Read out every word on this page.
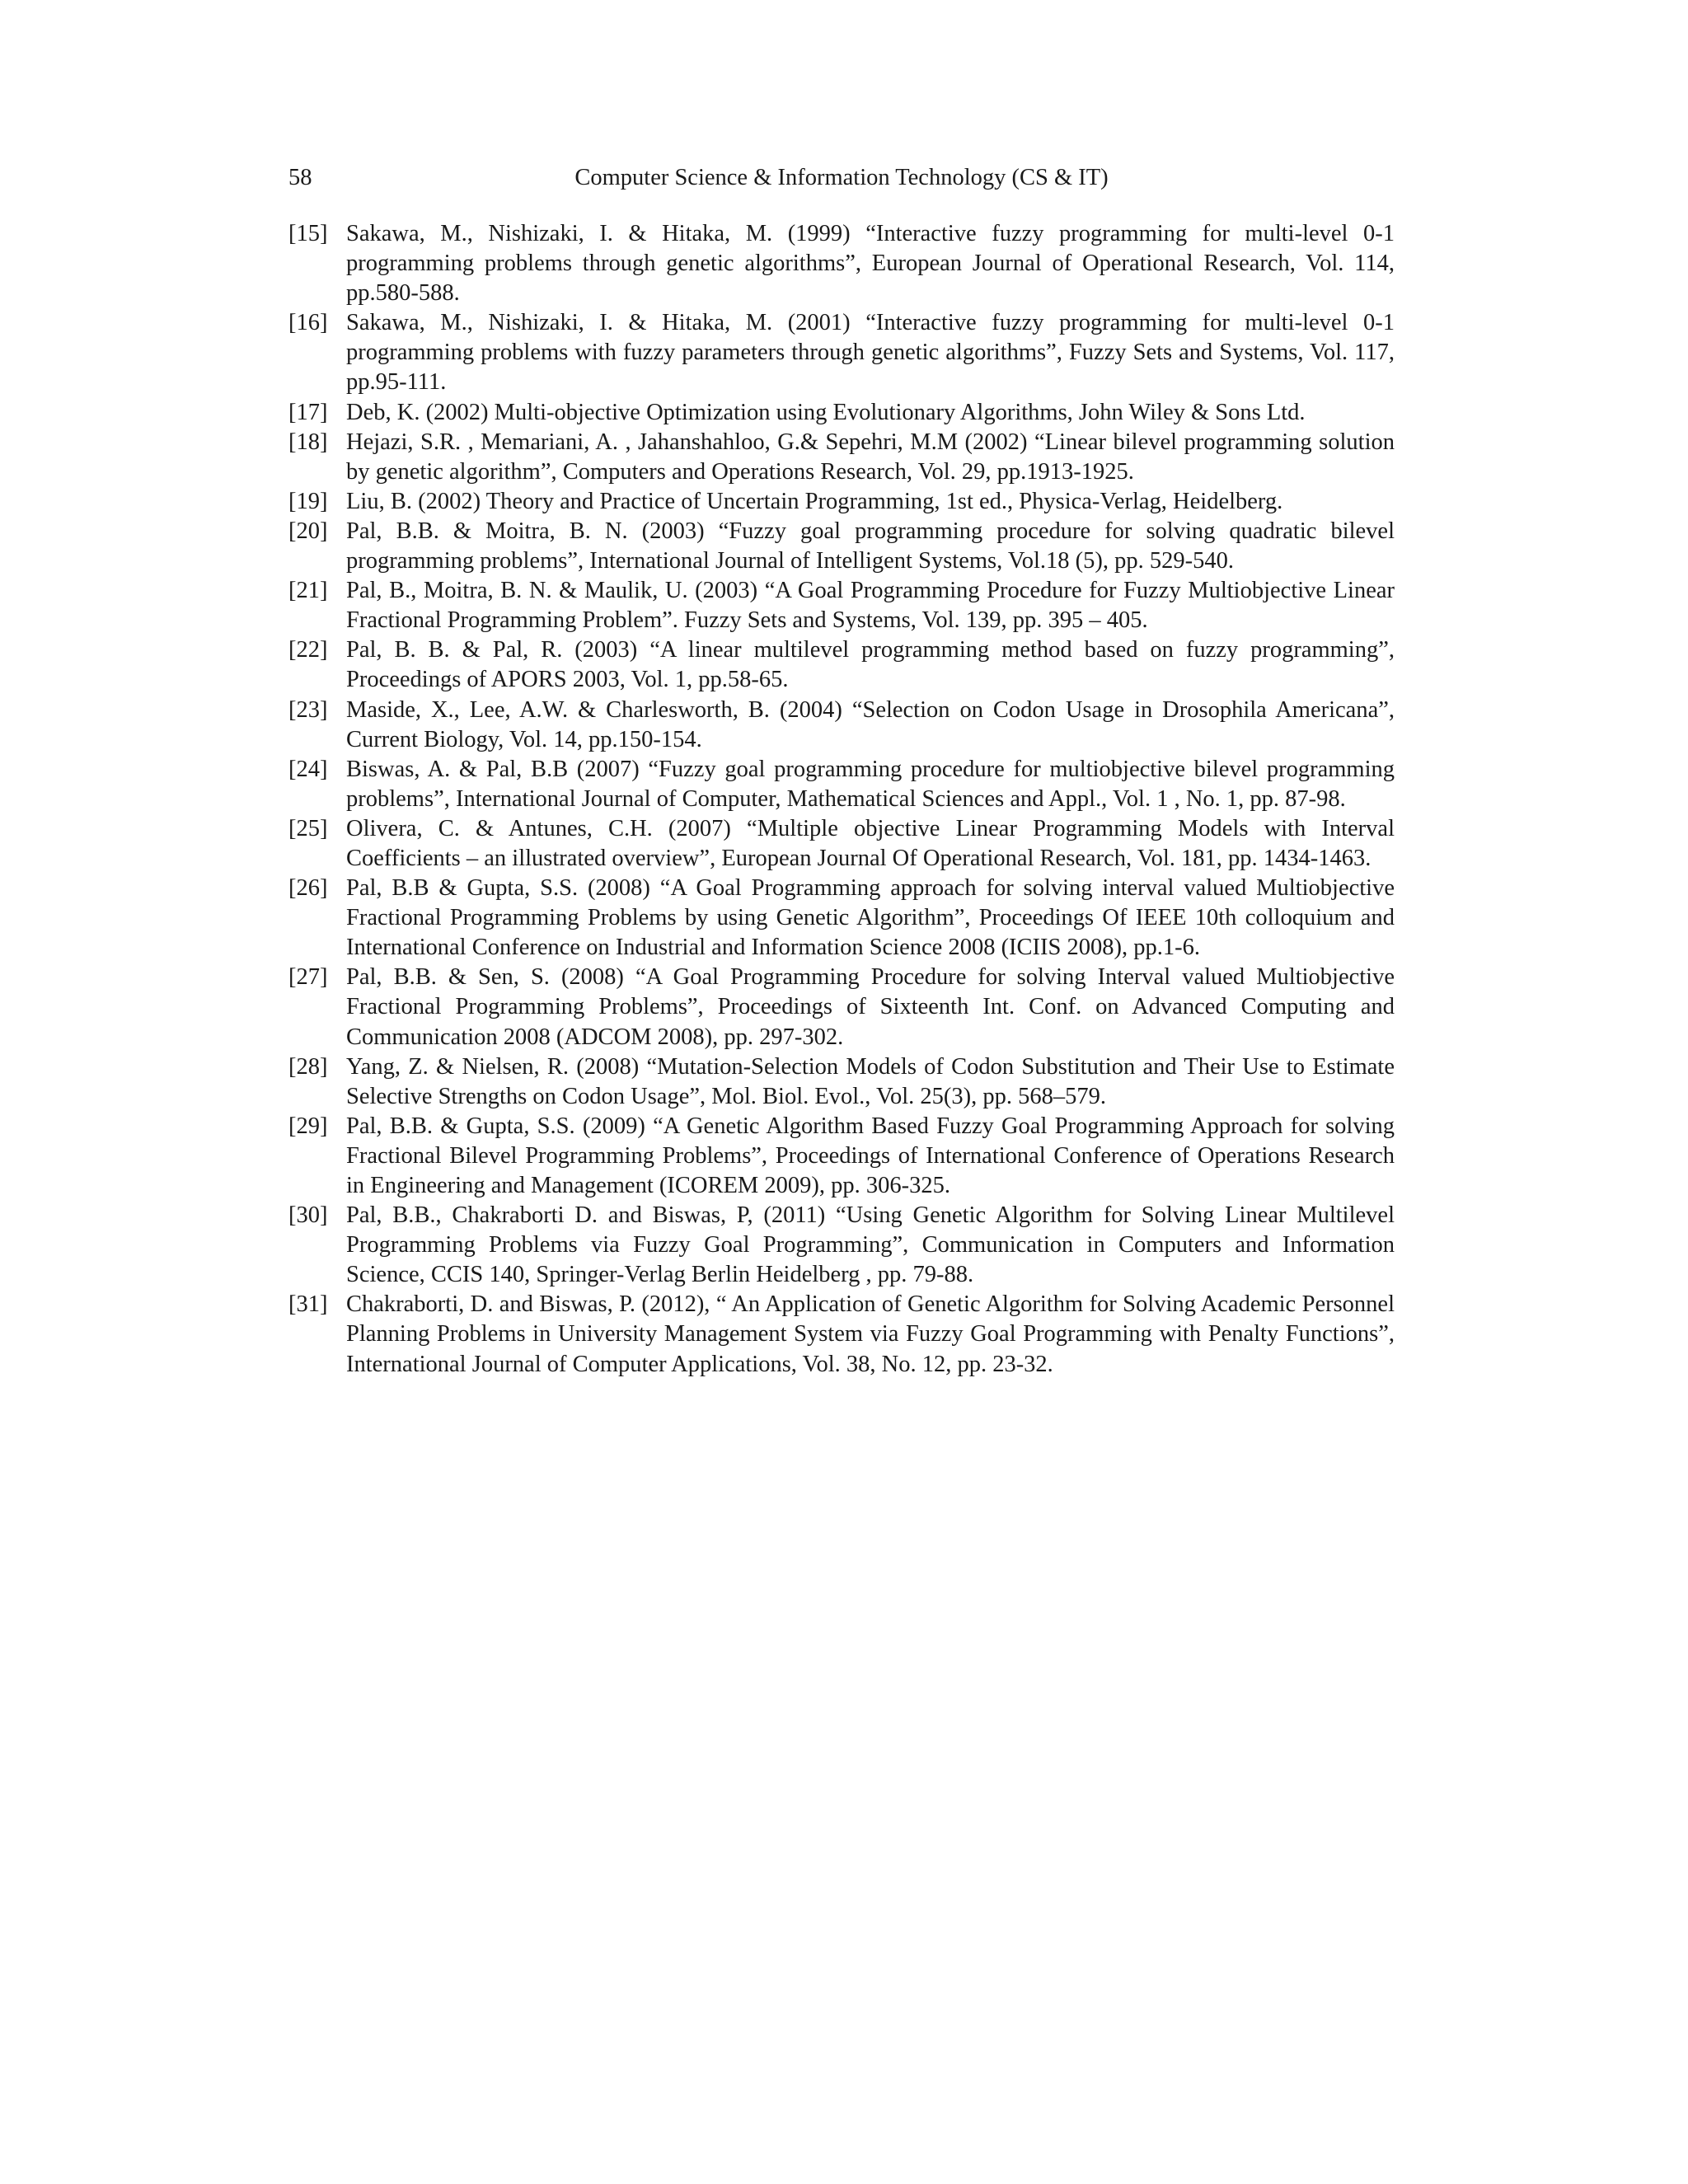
58	Computer Science & Information Technology (CS & IT)
[15] Sakawa, M., Nishizaki, I. & Hitaka, M. (1999) “Interactive fuzzy programming for multi-level 0-1 programming problems through genetic algorithms”, European Journal of Operational Research, Vol. 114, pp.580-588.
[16] Sakawa, M., Nishizaki, I. & Hitaka, M. (2001) “Interactive fuzzy programming for multi-level 0-1 programming problems with fuzzy parameters through genetic algorithms”, Fuzzy Sets and Systems, Vol. 117, pp.95-111.
[17] Deb, K. (2002) Multi-objective Optimization using Evolutionary Algorithms, John Wiley & Sons Ltd.
[18] Hejazi, S.R. , Memariani, A. , Jahanshahloo, G.& Sepehri, M.M (2002) “Linear bilevel programming solution by genetic algorithm”, Computers and Operations Research, Vol. 29, pp.1913-1925.
[19] Liu, B. (2002) Theory and Practice of Uncertain Programming, 1st ed., Physica-Verlag, Heidelberg.
[20] Pal, B.B. & Moitra, B. N. (2003) “Fuzzy goal programming procedure for solving quadratic bilevel programming problems”, International Journal of Intelligent Systems, Vol.18 (5), pp. 529-540.
[21] Pal, B., Moitra, B. N. & Maulik, U. (2003) “A Goal Programming Procedure for Fuzzy Multiobjective Linear Fractional Programming Problem”. Fuzzy Sets and Systems, Vol. 139, pp. 395 – 405.
[22] Pal, B. B. & Pal, R. (2003) “A linear multilevel programming method based on fuzzy programming”, Proceedings of APORS 2003, Vol. 1, pp.58-65.
[23] Maside, X., Lee, A.W. & Charlesworth, B. (2004) “Selection on Codon Usage in Drosophila Americana”, Current Biology, Vol. 14, pp.150-154.
[24] Biswas, A. & Pal, B.B (2007) “Fuzzy goal programming procedure for multiobjective bilevel programming problems”, International Journal of Computer, Mathematical Sciences and Appl., Vol. 1 , No. 1, pp. 87-98.
[25] Olivera, C. & Antunes, C.H. (2007) “Multiple objective Linear Programming Models with Interval Coefficients – an illustrated overview”, European Journal Of Operational Research, Vol. 181, pp. 1434-1463.
[26] Pal, B.B & Gupta, S.S. (2008) “A Goal Programming approach for solving interval valued Multiobjective Fractional Programming Problems by using Genetic Algorithm”, Proceedings Of IEEE 10th colloquium and International Conference on Industrial and Information Science 2008 (ICIIS 2008), pp.1-6.
[27] Pal, B.B. & Sen, S. (2008) “A Goal Programming Procedure for solving Interval valued Multiobjective Fractional Programming Problems”, Proceedings of Sixteenth Int. Conf. on Advanced Computing and Communication 2008 (ADCOM 2008), pp. 297-302.
[28] Yang, Z. & Nielsen, R. (2008) “Mutation-Selection Models of Codon Substitution and Their Use to Estimate Selective Strengths on Codon Usage”, Mol. Biol. Evol., Vol. 25(3), pp. 568–579.
[29] Pal, B.B. & Gupta, S.S. (2009) “A Genetic Algorithm Based Fuzzy Goal Programming Approach for solving Fractional Bilevel Programming Problems”, Proceedings of International Conference of Operations Research in Engineering and Management (ICOREM 2009), pp. 306-325.
[30] Pal, B.B., Chakraborti D. and Biswas, P, (2011) “Using Genetic Algorithm for Solving Linear Multilevel Programming Problems via Fuzzy Goal Programming”, Communication in Computers and Information Science, CCIS 140, Springer-Verlag Berlin Heidelberg , pp. 79-88.
[31] Chakraborti, D. and Biswas, P. (2012), “ An Application of Genetic Algorithm for Solving Academic Personnel Planning Problems in University Management System via Fuzzy Goal Programming with Penalty Functions”, International Journal of Computer Applications, Vol. 38, No. 12, pp. 23-32.
